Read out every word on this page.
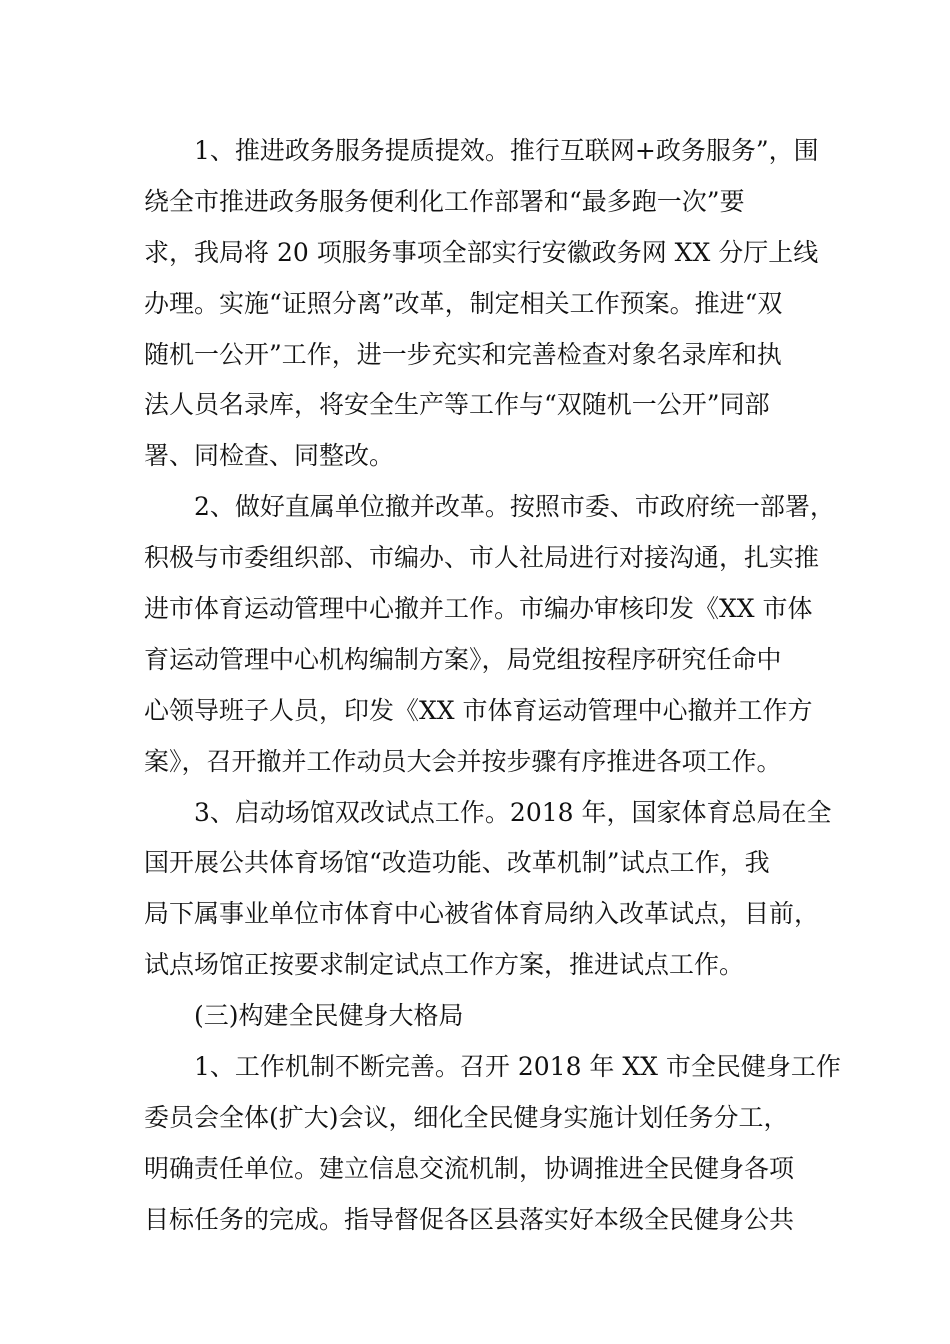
　　1、推进政务服务提质提效。推行互联网+政务服务”，围
绕全市推进政务服务便利化工作部署和“最多跑一次”要
求，我局将 20 项服务事项全部实行安徽政务网 XX 分厅上线
办理。实施“证照分离”改革，制定相关工作预案。推进“双
随机一公开”工作，进一步充实和完善检查对象名录库和执
法人员名录库，将安全生产等工作与“双随机一公开”同部
署、同检查、同整改。
　　2、做好直属单位撤并改革。按照市委、市政府统一部署，
积极与市委组织部、市编办、市人社局进行对接沟通，扎实推
进市体育运动管理中心撤并工作。市编办审核印发《XX 市体
育运动管理中心机构编制方案》，局党组按程序研究任命中
心领导班子人员，印发《XX 市体育运动管理中心撤并工作方
案》，召开撤并工作动员大会并按步骤有序推进各项工作。
　　3、启动场馆双改试点工作。2018 年，国家体育总局在全
国开展公共体育场馆“改造功能、改革机制”试点工作，我
局下属事业单位市体育中心被省体育局纳入改革试点，目前，
试点场馆正按要求制定试点工作方案，推进试点工作。
　　(三)构建全民健身大格局
　　1、工作机制不断完善。召开 2018 年 XX 市全民健身工作
委员会全体(扩大)会议，细化全民健身实施计划任务分工，
明确责任单位。建立信息交流机制，协调推进全民健身各项
目标任务的完成。指导督促各区县落实好本级全民健身公共
